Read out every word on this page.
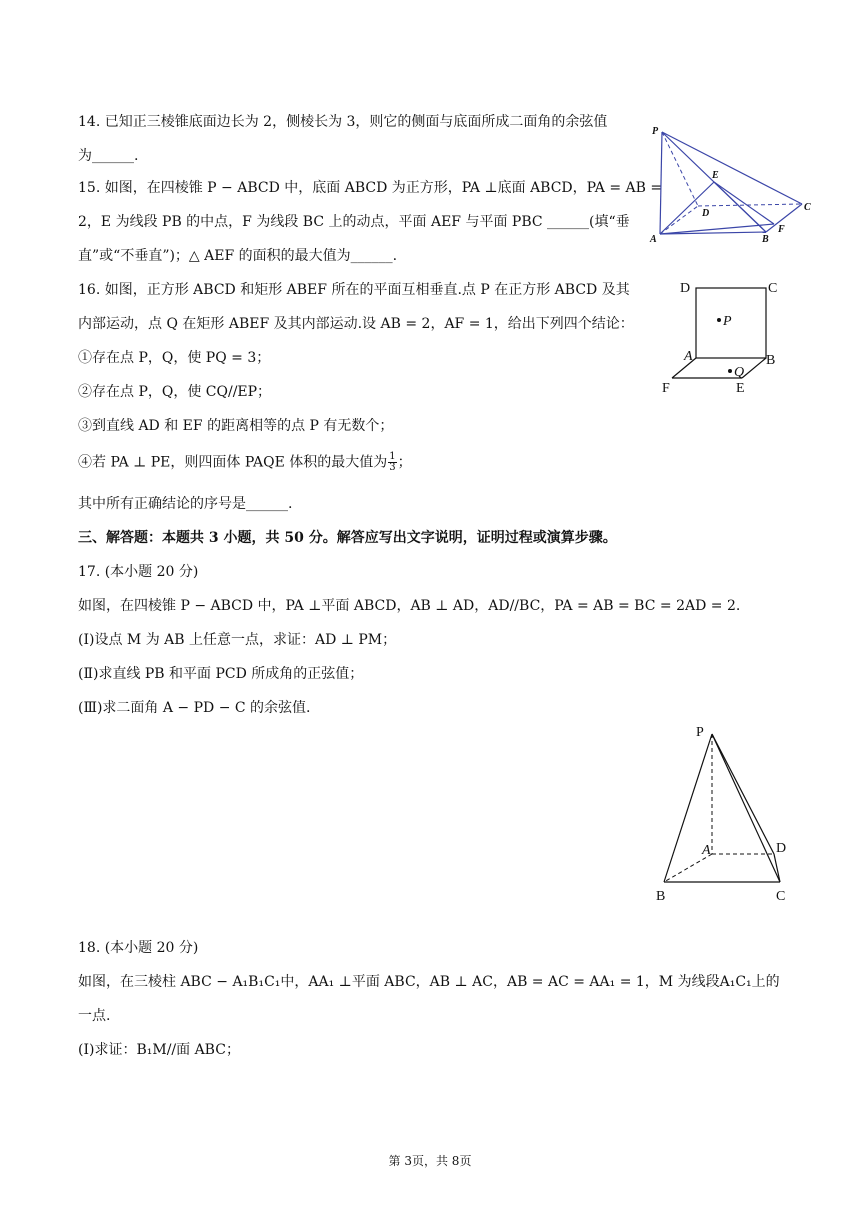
14. 已知正三棱锥底面边长为 2，侧棱长为 3，则它的侧面与底面所成二面角的余弦值
为______.
15. 如图，在四棱锥 P − ABCD 中，底面 ABCD 为正方形，PA ⊥底面 ABCD，PA = AB =
2，E 为线段 PB 的中点，F 为线段 BC 上的动点，平面 AEF 与平面 PBC ______(填“垂
直”或“不垂直”)；△ AEF 的面积的最大值为______.
P
E
D
C
A	B
F
16. 如图，正方形 ABCD 和矩形 ABEF 所在的平面互相垂直.点 P 在正方形 ABCD 及其
内部运动，点 Q 在矩形 ABEF 及其内部运动.设 AB = 2，AF = 1，给出下列四个结论：
①存在点 P，Q，使 PQ = 3；
②存在点 P，Q，使 CQ//EP；
③到直线 AD 和 EF 的距离相等的点 P 有无数个；
④若 PA ⊥ PE，则四面体 PAQE 体积的最大值为 $\frac{1}{3}$ ；
其中所有正确结论的序号是______.
D	C
P
A	B
Q
F	E
三、解答题：本题共 3 小题，共 50 分。解答应写出文字说明，证明过程或演算步骤。
17. (本小题 20 分)
如图，在四棱锥 P − ABCD 中，PA ⊥平面 ABCD，AB ⊥ AD，AD//BC，PA = AB = BC = 2AD = 2.
(Ⅰ)设点 M 为 AB 上任意一点，求证：AD ⊥ PM；
(Ⅱ)求直线 PB 和平面 PCD 所成角的正弦值；
(Ⅲ)求二面角 A − PD − C 的余弦值.
P
A	D
B	C
18. (本小题 20 分)
如图，在三棱柱 ABC − A₁B₁C₁中，AA₁ ⊥平面 ABC，AB ⊥ AC，AB = AC = AA₁ = 1，M 为线段A₁C₁上的
一点.
(Ⅰ)求证：B₁M//面 ABC；
第 3页，共 8页
